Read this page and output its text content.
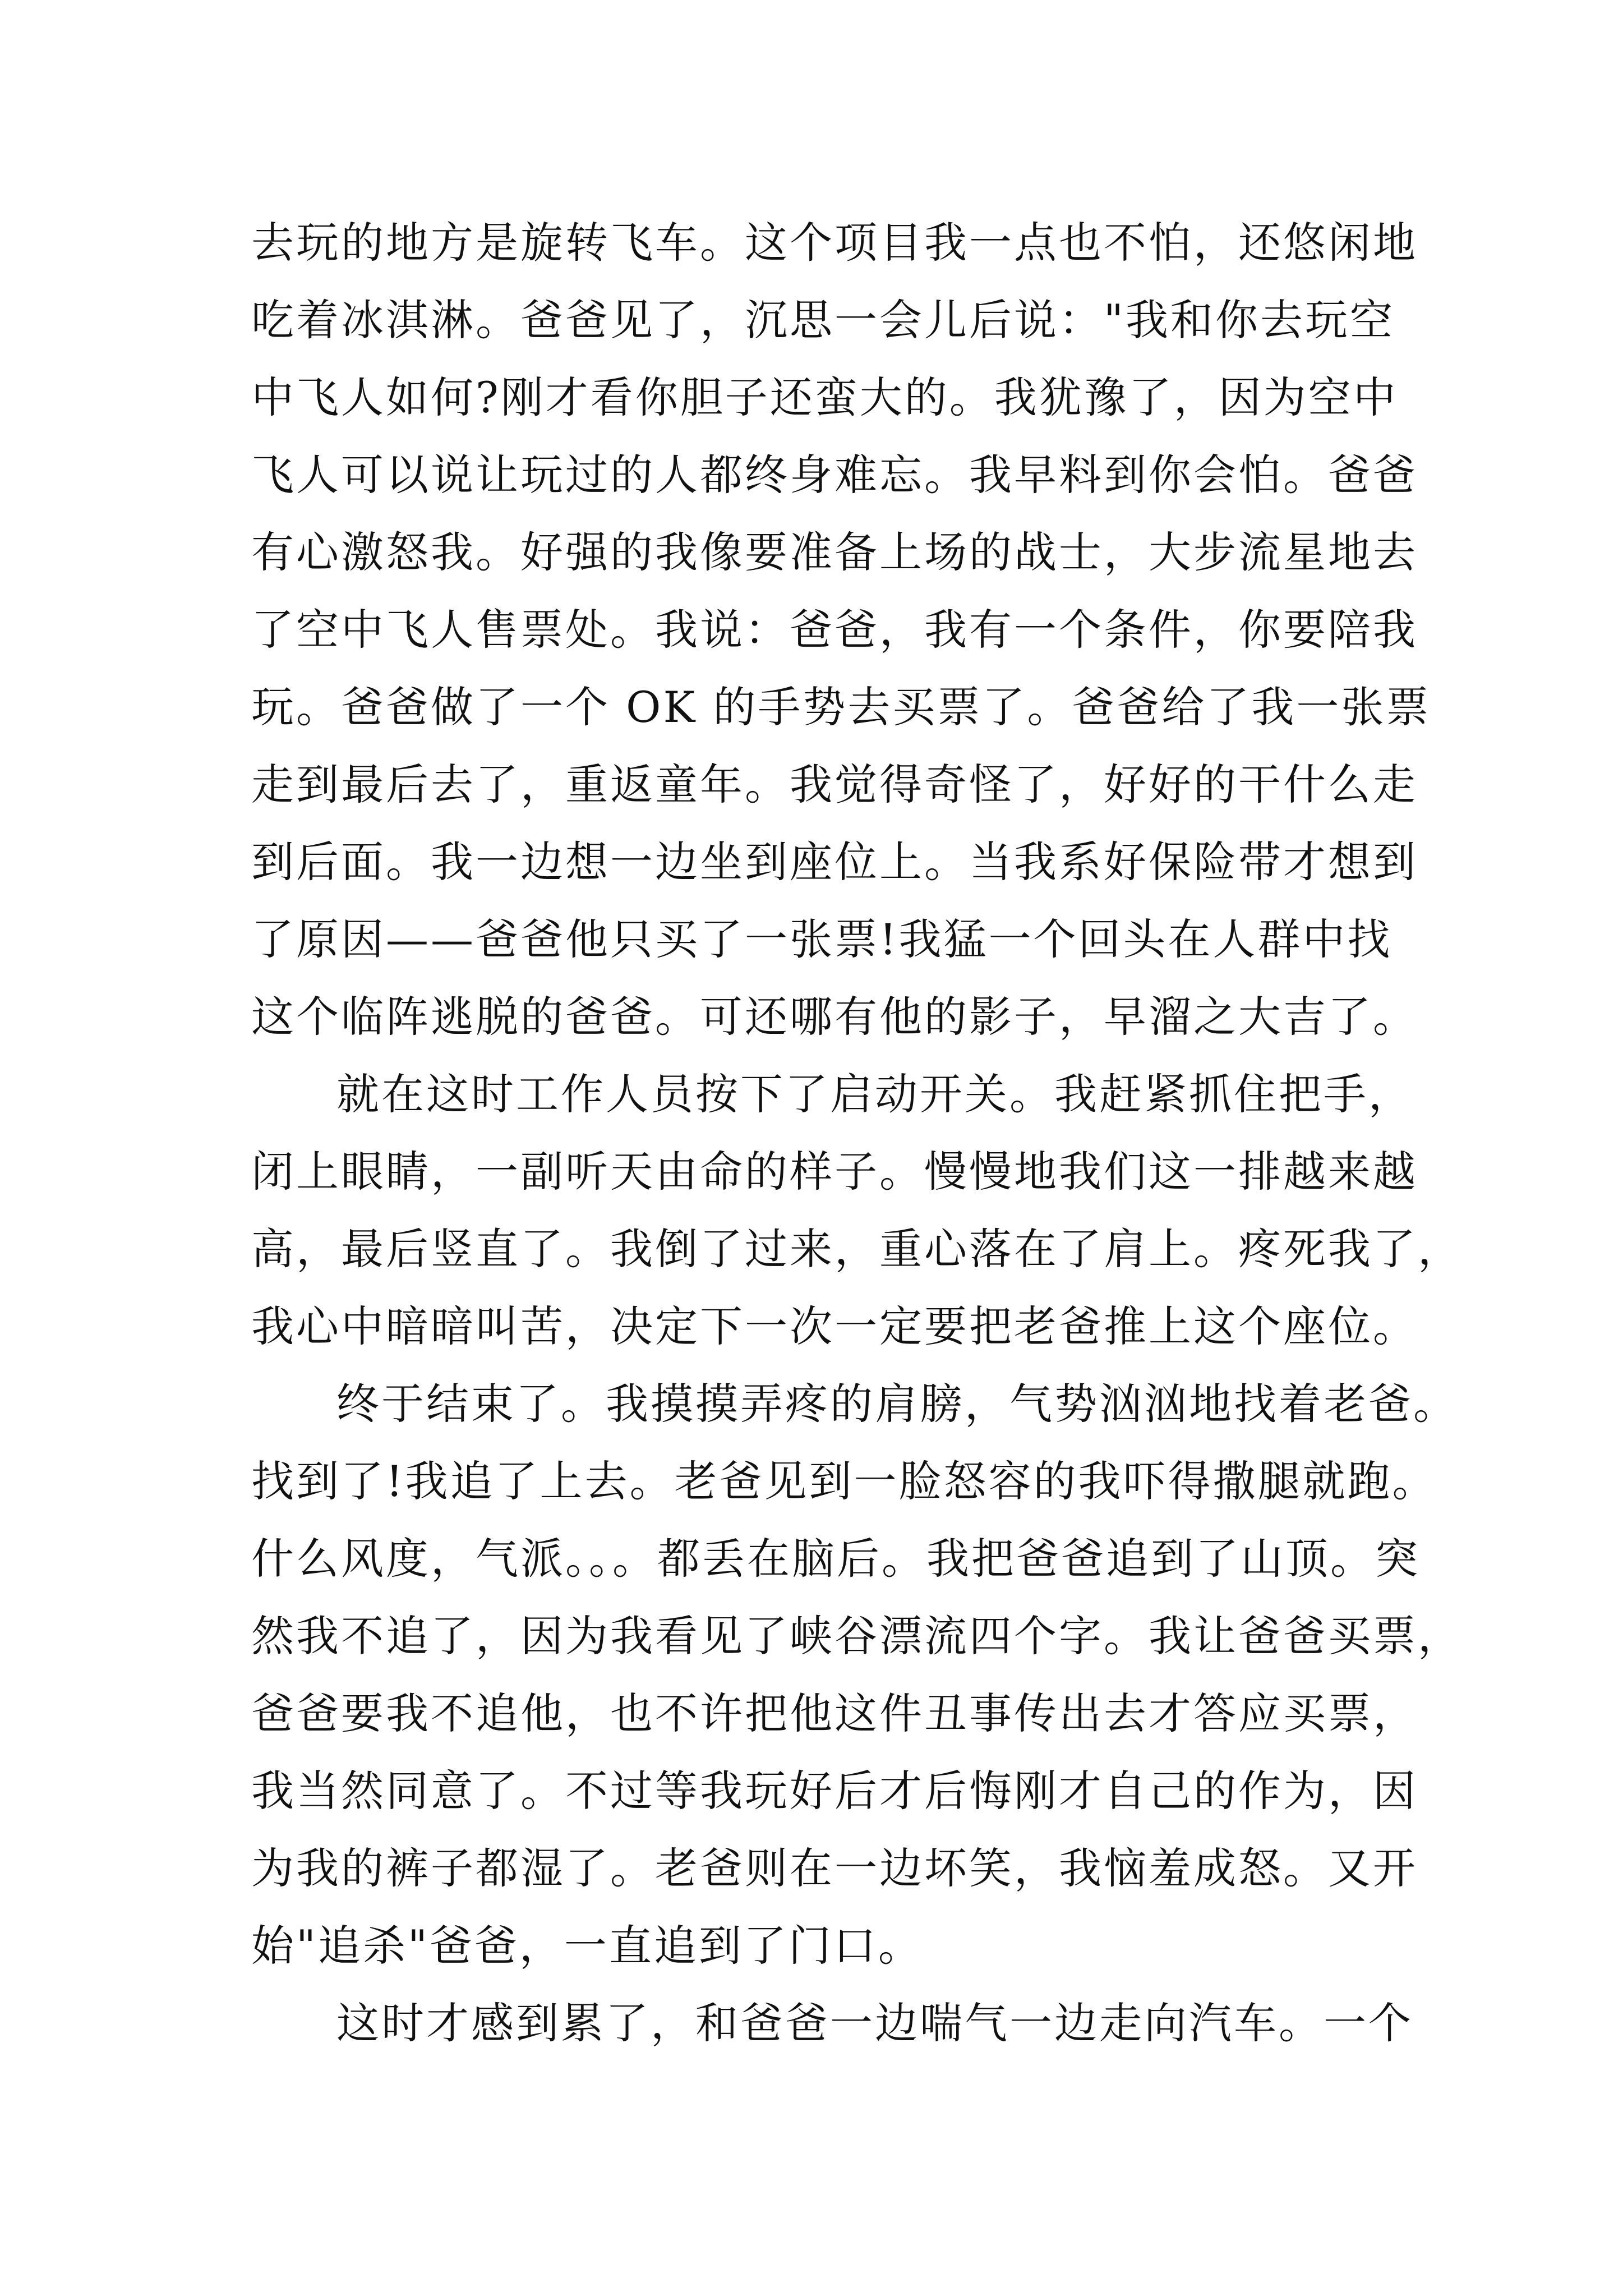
去玩的地方是旋转飞车。这个项目我一点也不怕，还悠闲地
吃着冰淇淋。爸爸见了，沉思一会儿后说："我和你去玩空
中飞人如何?刚才看你胆子还蛮大的。我犹豫了，因为空中
飞人可以说让玩过的人都终身难忘。我早料到你会怕。爸爸
有心激怒我。好强的我像要准备上场的战士，大步流星地去
了空中飞人售票处。我说：爸爸，我有一个条件，你要陪我
玩。爸爸做了一个 OK 的手势去买票了。爸爸给了我一张票
走到最后去了，重返童年。我觉得奇怪了，好好的干什么走
到后面。我一边想一边坐到座位上。当我系好保险带才想到
了原因——爸爸他只买了一张票!我猛一个回头在人群中找
这个临阵逃脱的爸爸。可还哪有他的影子，早溜之大吉了。
就在这时工作人员按下了启动开关。我赶紧抓住把手，
闭上眼睛，一副听天由命的样子。慢慢地我们这一排越来越
高，最后竖直了。我倒了过来，重心落在了肩上。疼死我了，
我心中暗暗叫苦，决定下一次一定要把老爸推上这个座位。
终于结束了。我摸摸弄疼的肩膀，气势汹汹地找着老爸。
找到了!我追了上去。老爸见到一脸怒容的我吓得撒腿就跑。
什么风度，气派。。。都丢在脑后。我把爸爸追到了山顶。突
然我不追了，因为我看见了峡谷漂流四个字。我让爸爸买票，
爸爸要我不追他，也不许把他这件丑事传出去才答应买票，
我当然同意了。不过等我玩好后才后悔刚才自己的作为，因
为我的裤子都湿了。老爸则在一边坏笑，我恼羞成怒。又开
始"追杀"爸爸，一直追到了门口。
这时才感到累了，和爸爸一边喘气一边走向汽车。一个
